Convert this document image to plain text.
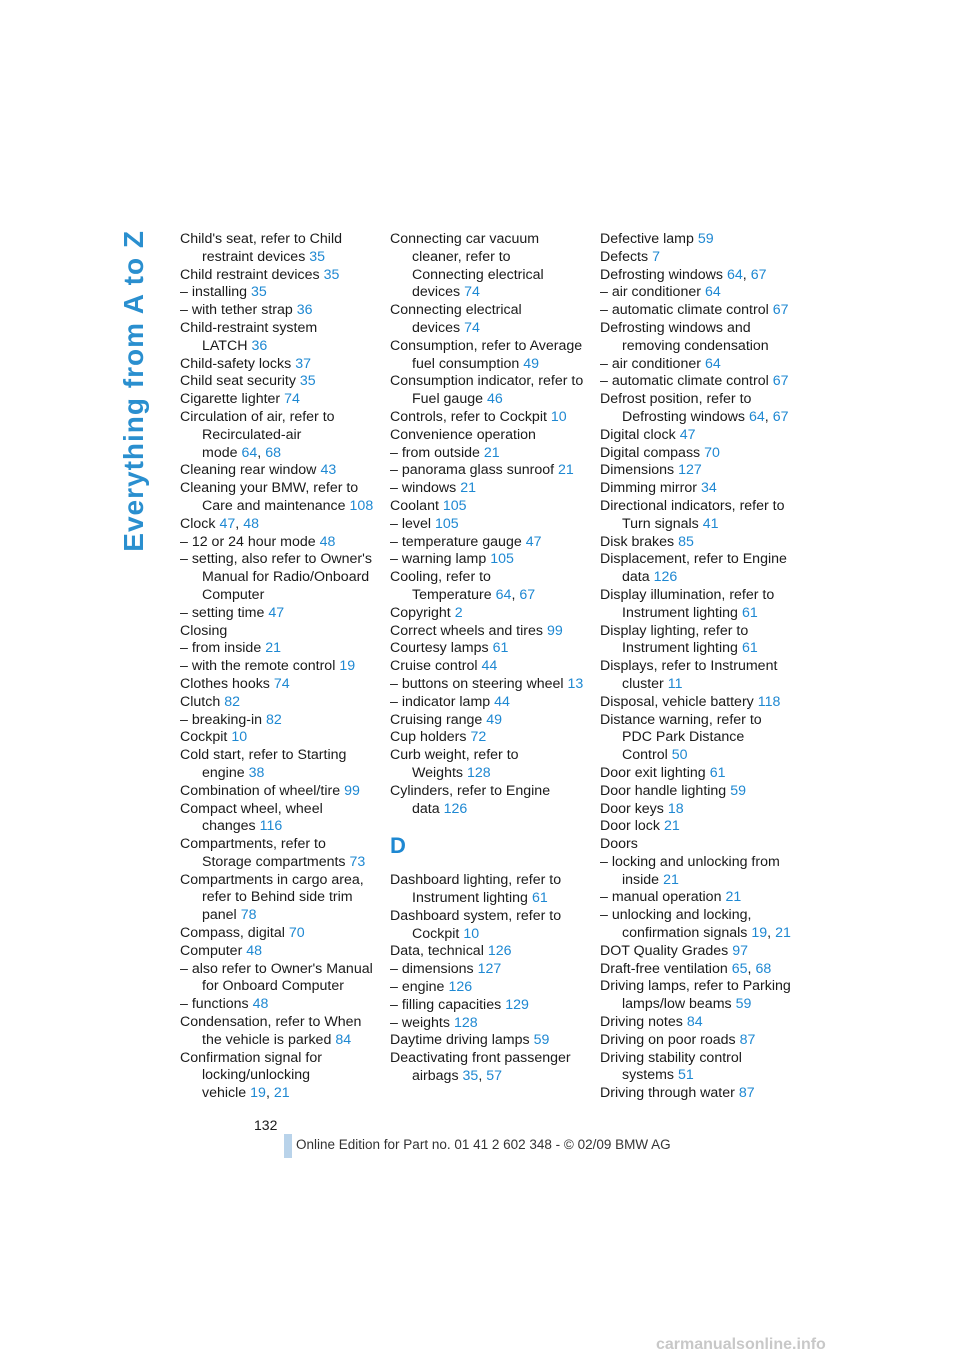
Everything from A to Z Child's seat, refer to Child restraint devices 35
Child restraint devices 35
– installing 35
– with tether strap 36
Child-restraint system LATCH 36
Child-safety locks 37
Child seat security 35
Cigarette lighter 74
Circulation of air, refer to Recirculated-air mode 64, 68
Cleaning rear window 43
Cleaning your BMW, refer to Care and maintenance 108
Clock 47, 48
– 12 or 24 hour mode 48
– setting, also refer to Owner's Manual for Radio/Onboard Computer
– setting time 47
Closing
– from inside 21
– with the remote control 19
Clothes hooks 74
Clutch 82
– breaking-in 82
Cockpit 10
Cold start, refer to Starting engine 38
Combination of wheel/tire 99
Compact wheel, wheel changes 116
Compartments, refer to Storage compartments 73
Compartments in cargo area, refer to Behind side trim panel 78
Compass, digital 70
Computer 48
– also refer to Owner's Manual for Onboard Computer
– functions 48
Condensation, refer to When the vehicle is parked 84
Confirmation signal for locking/unlocking vehicle 19, 21
Connecting car vacuum cleaner, refer to Connecting electrical devices 74
Connecting electrical devices 74
Consumption, refer to Average fuel consumption 49
Consumption indicator, refer to Fuel gauge 46
Controls, refer to Cockpit 10
Convenience operation
– from outside 21
– panorama glass sunroof 21
– windows 21
Coolant 105
– level 105
– temperature gauge 47
– warning lamp 105
Cooling, refer to Temperature 64, 67
Copyright 2
Correct wheels and tires 99
Courtesy lamps 61
Cruise control 44
– buttons on steering wheel 13
– indicator lamp 44
Cruising range 49
Cup holders 72
Curb weight, refer to Weights 128
Cylinders, refer to Engine data 126
D
Dashboard lighting, refer to Instrument lighting 61
Dashboard system, refer to Cockpit 10
Data, technical 126
– dimensions 127
– engine 126
– filling capacities 129
– weights 128
Daytime driving lamps 59
Deactivating front passenger airbags 35, 57
Defective lamp 59
Defects 7
Defrosting windows 64, 67
– air conditioner 64
– automatic climate control 67
Defrosting windows and removing condensation
– air conditioner 64
– automatic climate control 67
Defrost position, refer to Defrosting windows 64, 67
Digital clock 47
Digital compass 70
Dimensions 127
Dimming mirror 34
Directional indicators, refer to Turn signals 41
Disk brakes 85
Displacement, refer to Engine data 126
Display illumination, refer to Instrument lighting 61
Display lighting, refer to Instrument lighting 61
Displays, refer to Instrument cluster 11
Disposal, vehicle battery 118
Distance warning, refer to PDC Park Distance Control 50
Door exit lighting 61
Door handle lighting 59
Door keys 18
Door lock 21
Doors
– locking and unlocking from inside 21
– manual operation 21
– unlocking and locking, confirmation signals 19, 21
DOT Quality Grades 97
Draft-free ventilation 65, 68
Driving lamps, refer to Parking lamps/low beams 59
Driving notes 84
Driving on poor roads 87
Driving stability control systems 51
Driving through water 87
132
Online Edition for Part no. 01 41 2 602 348 - © 02/09 BMW AG
carmanualsonline.info
